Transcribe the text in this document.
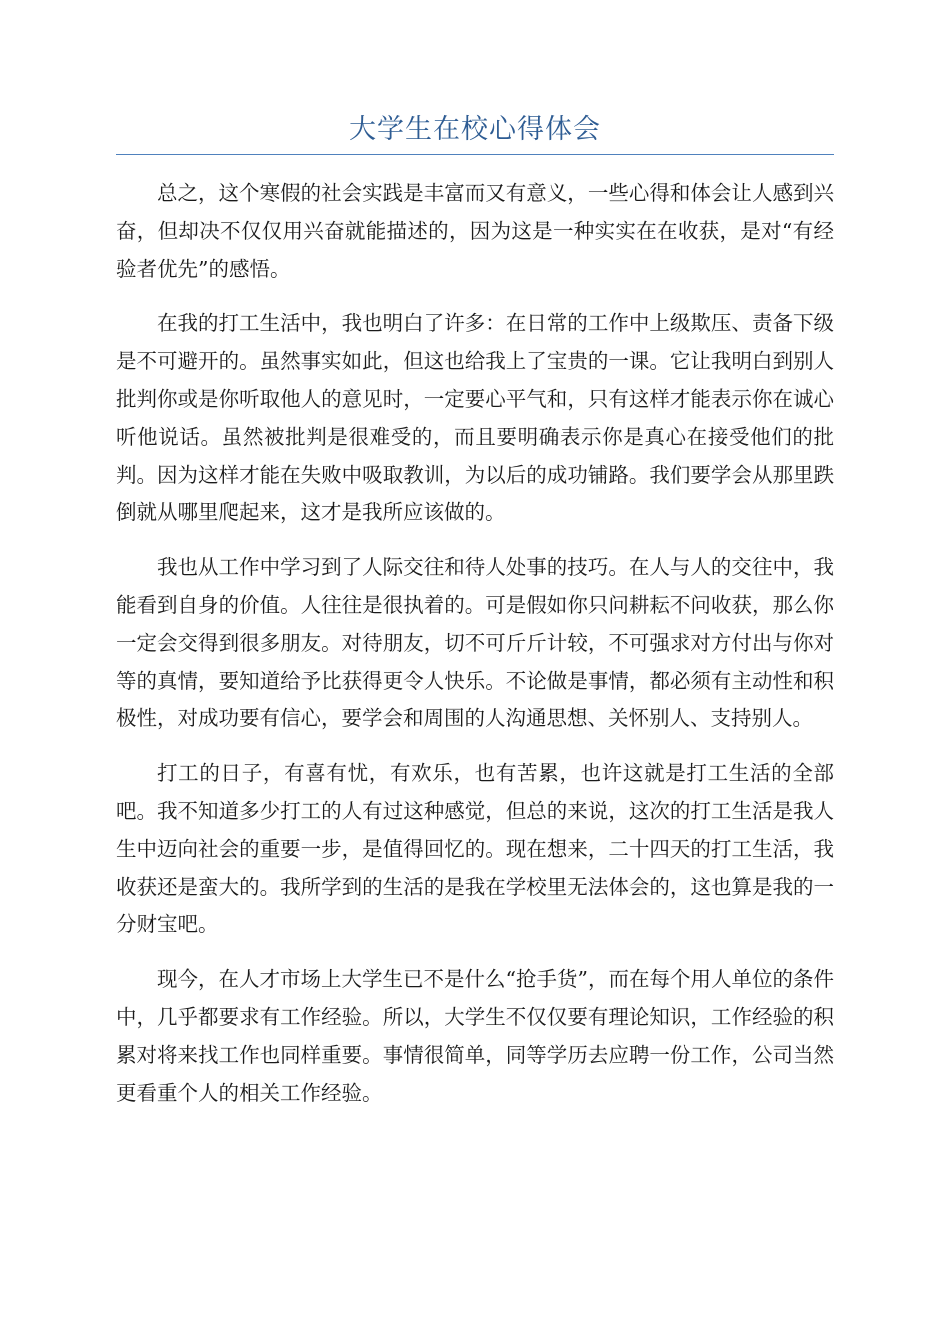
大学生在校心得体会

总之，这个寒假的社会实践是丰富而又有意义，一些心得和体会让人感到兴奋，但却决不仅仅用兴奋就能描述的，因为这是一种实实在在收获，是对“有经验者优先”的感悟。

在我的打工生活中，我也明白了许多：在日常的工作中上级欺压、责备下级是不可避开的。虽然事实如此，但这也给我上了宝贵的一课。它让我明白到别人批判你或是你听取他人的意见时，一定要心平气和，只有这样才能表示你在诚心听他说话。虽然被批判是很难受的，而且要明确表示你是真心在接受他们的批判。因为这样才能在失败中吸取教训，为以后的成功铺路。我们要学会从那里跌倒就从哪里爬起来，这才是我所应该做的。

我也从工作中学习到了人际交往和待人处事的技巧。在人与人的交往中，我能看到自身的价值。人往往是很执着的。可是假如你只问耕耘不问收获，那么你一定会交得到很多朋友。对待朋友，切不可斤斤计较，不可强求对方付出与你对等的真情，要知道给予比获得更令人快乐。不论做是事情，都必须有主动性和积极性，对成功要有信心，要学会和周围的人沟通思想、关怀别人、支持别人。

打工的日子，有喜有忧，有欢乐，也有苦累，也许这就是打工生活的全部吧。我不知道多少打工的人有过这种感觉，但总的来说，这次的打工生活是我人生中迈向社会的重要一步，是值得回忆的。现在想来，二十四天的打工生活，我收获还是蛮大的。我所学到的生活的是我在学校里无法体会的，这也算是我的一分财宝吧。

现今，在人才市场上大学生已不是什么“抢手货”，而在每个用人单位的条件中，几乎都要求有工作经验。所以，大学生不仅仅要有理论知识，工作经验的积累对将来找工作也同样重要。事情很简单，同等学历去应聘一份工作，公司当然更看重个人的相关工作经验。
